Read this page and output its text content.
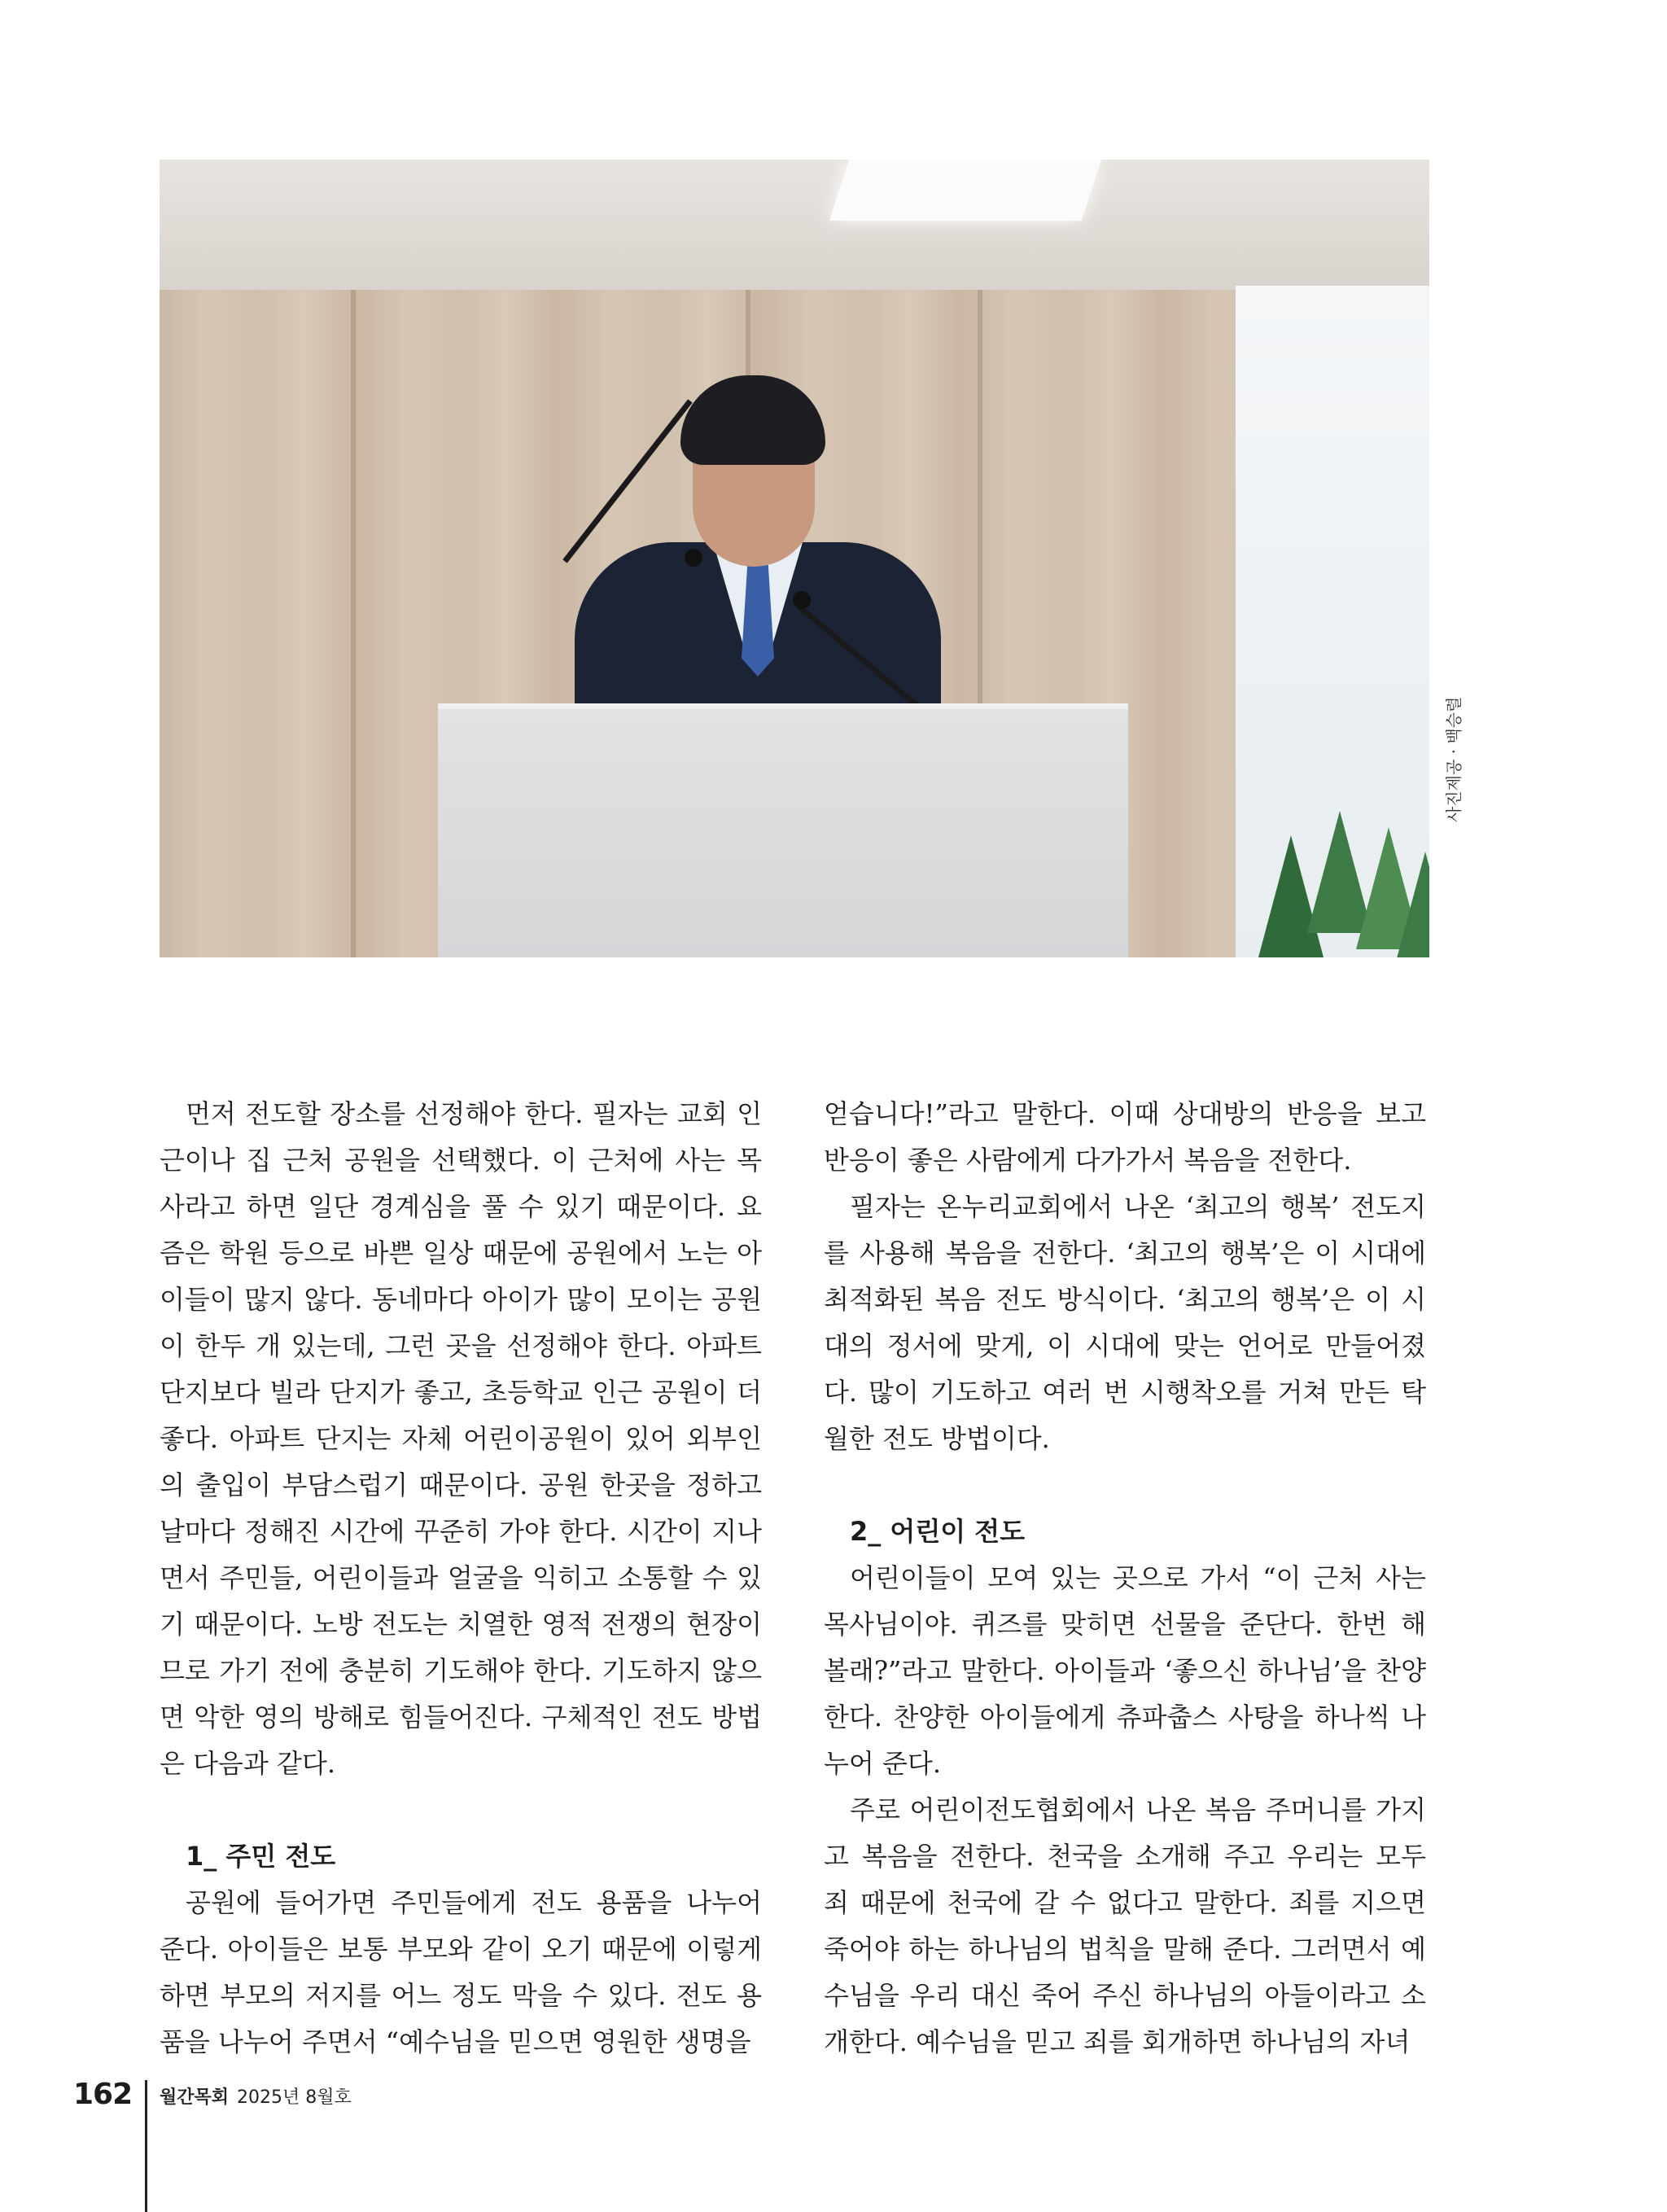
사진제공 · 백승렬

먼저 전도할 장소를 선정해야 한다. 필자는 교회 인근이나 집 근처 공원을 선택했다. 이 근처에 사는 목사라고 하면 일단 경계심을 풀 수 있기 때문이다. 요즘은 학원 등으로 바쁜 일상 때문에 공원에서 노는 아이들이 많지 않다. 동네마다 아이가 많이 모이는 공원이 한두 개 있는데, 그런 곳을 선정해야 한다. 아파트 단지보다 빌라 단지가 좋고, 초등학교 인근 공원이 더 좋다. 아파트 단지는 자체 어린이공원이 있어 외부인의 출입이 부담스럽기 때문이다. 공원 한곳을 정하고 날마다 정해진 시간에 꾸준히 가야 한다. 시간이 지나면서 주민들, 어린이들과 얼굴을 익히고 소통할 수 있기 때문이다. 노방 전도는 치열한 영적 전쟁의 현장이므로 가기 전에 충분히 기도해야 한다. 기도하지 않으면 악한 영의 방해로 힘들어진다. 구체적인 전도 방법은 다음과 같다.

1_ 주민 전도

공원에 들어가면 주민들에게 전도 용품을 나누어 준다. 아이들은 보통 부모와 같이 오기 때문에 이렇게 하면 부모의 저지를 어느 정도 막을 수 있다. 전도 용품을 나누어 주면서 “예수님을 믿으면 영원한 생명을

얻습니다!”라고 말한다. 이때 상대방의 반응을 보고 반응이 좋은 사람에게 다가가서 복음을 전한다.

필자는 온누리교회에서 나온 ‘최고의 행복’ 전도지를 사용해 복음을 전한다. ‘최고의 행복’은 이 시대에 최적화된 복음 전도 방식이다. ‘최고의 행복’은 이 시대의 정서에 맞게, 이 시대에 맞는 언어로 만들어졌다. 많이 기도하고 여러 번 시행착오를 거쳐 만든 탁월한 전도 방법이다.

2_ 어린이 전도

어린이들이 모여 있는 곳으로 가서 “이 근처 사는 목사님이야. 퀴즈를 맞히면 선물을 준단다. 한번 해 볼래?”라고 말한다. 아이들과 ‘좋으신 하나님’을 찬양한다. 찬양한 아이들에게 츄파춥스 사탕을 하나씩 나누어 준다.

주로 어린이전도협회에서 나온 복음 주머니를 가지고 복음을 전한다. 천국을 소개해 주고 우리는 모두 죄 때문에 천국에 갈 수 없다고 말한다. 죄를 지으면 죽어야 하는 하나님의 법칙을 말해 준다. 그러면서 예수님을 우리 대신 죽어 주신 하나님의 아들이라고 소개한다. 예수님을 믿고 죄를 회개하면 하나님의 자녀

162 월간목회 2025년 8월호
